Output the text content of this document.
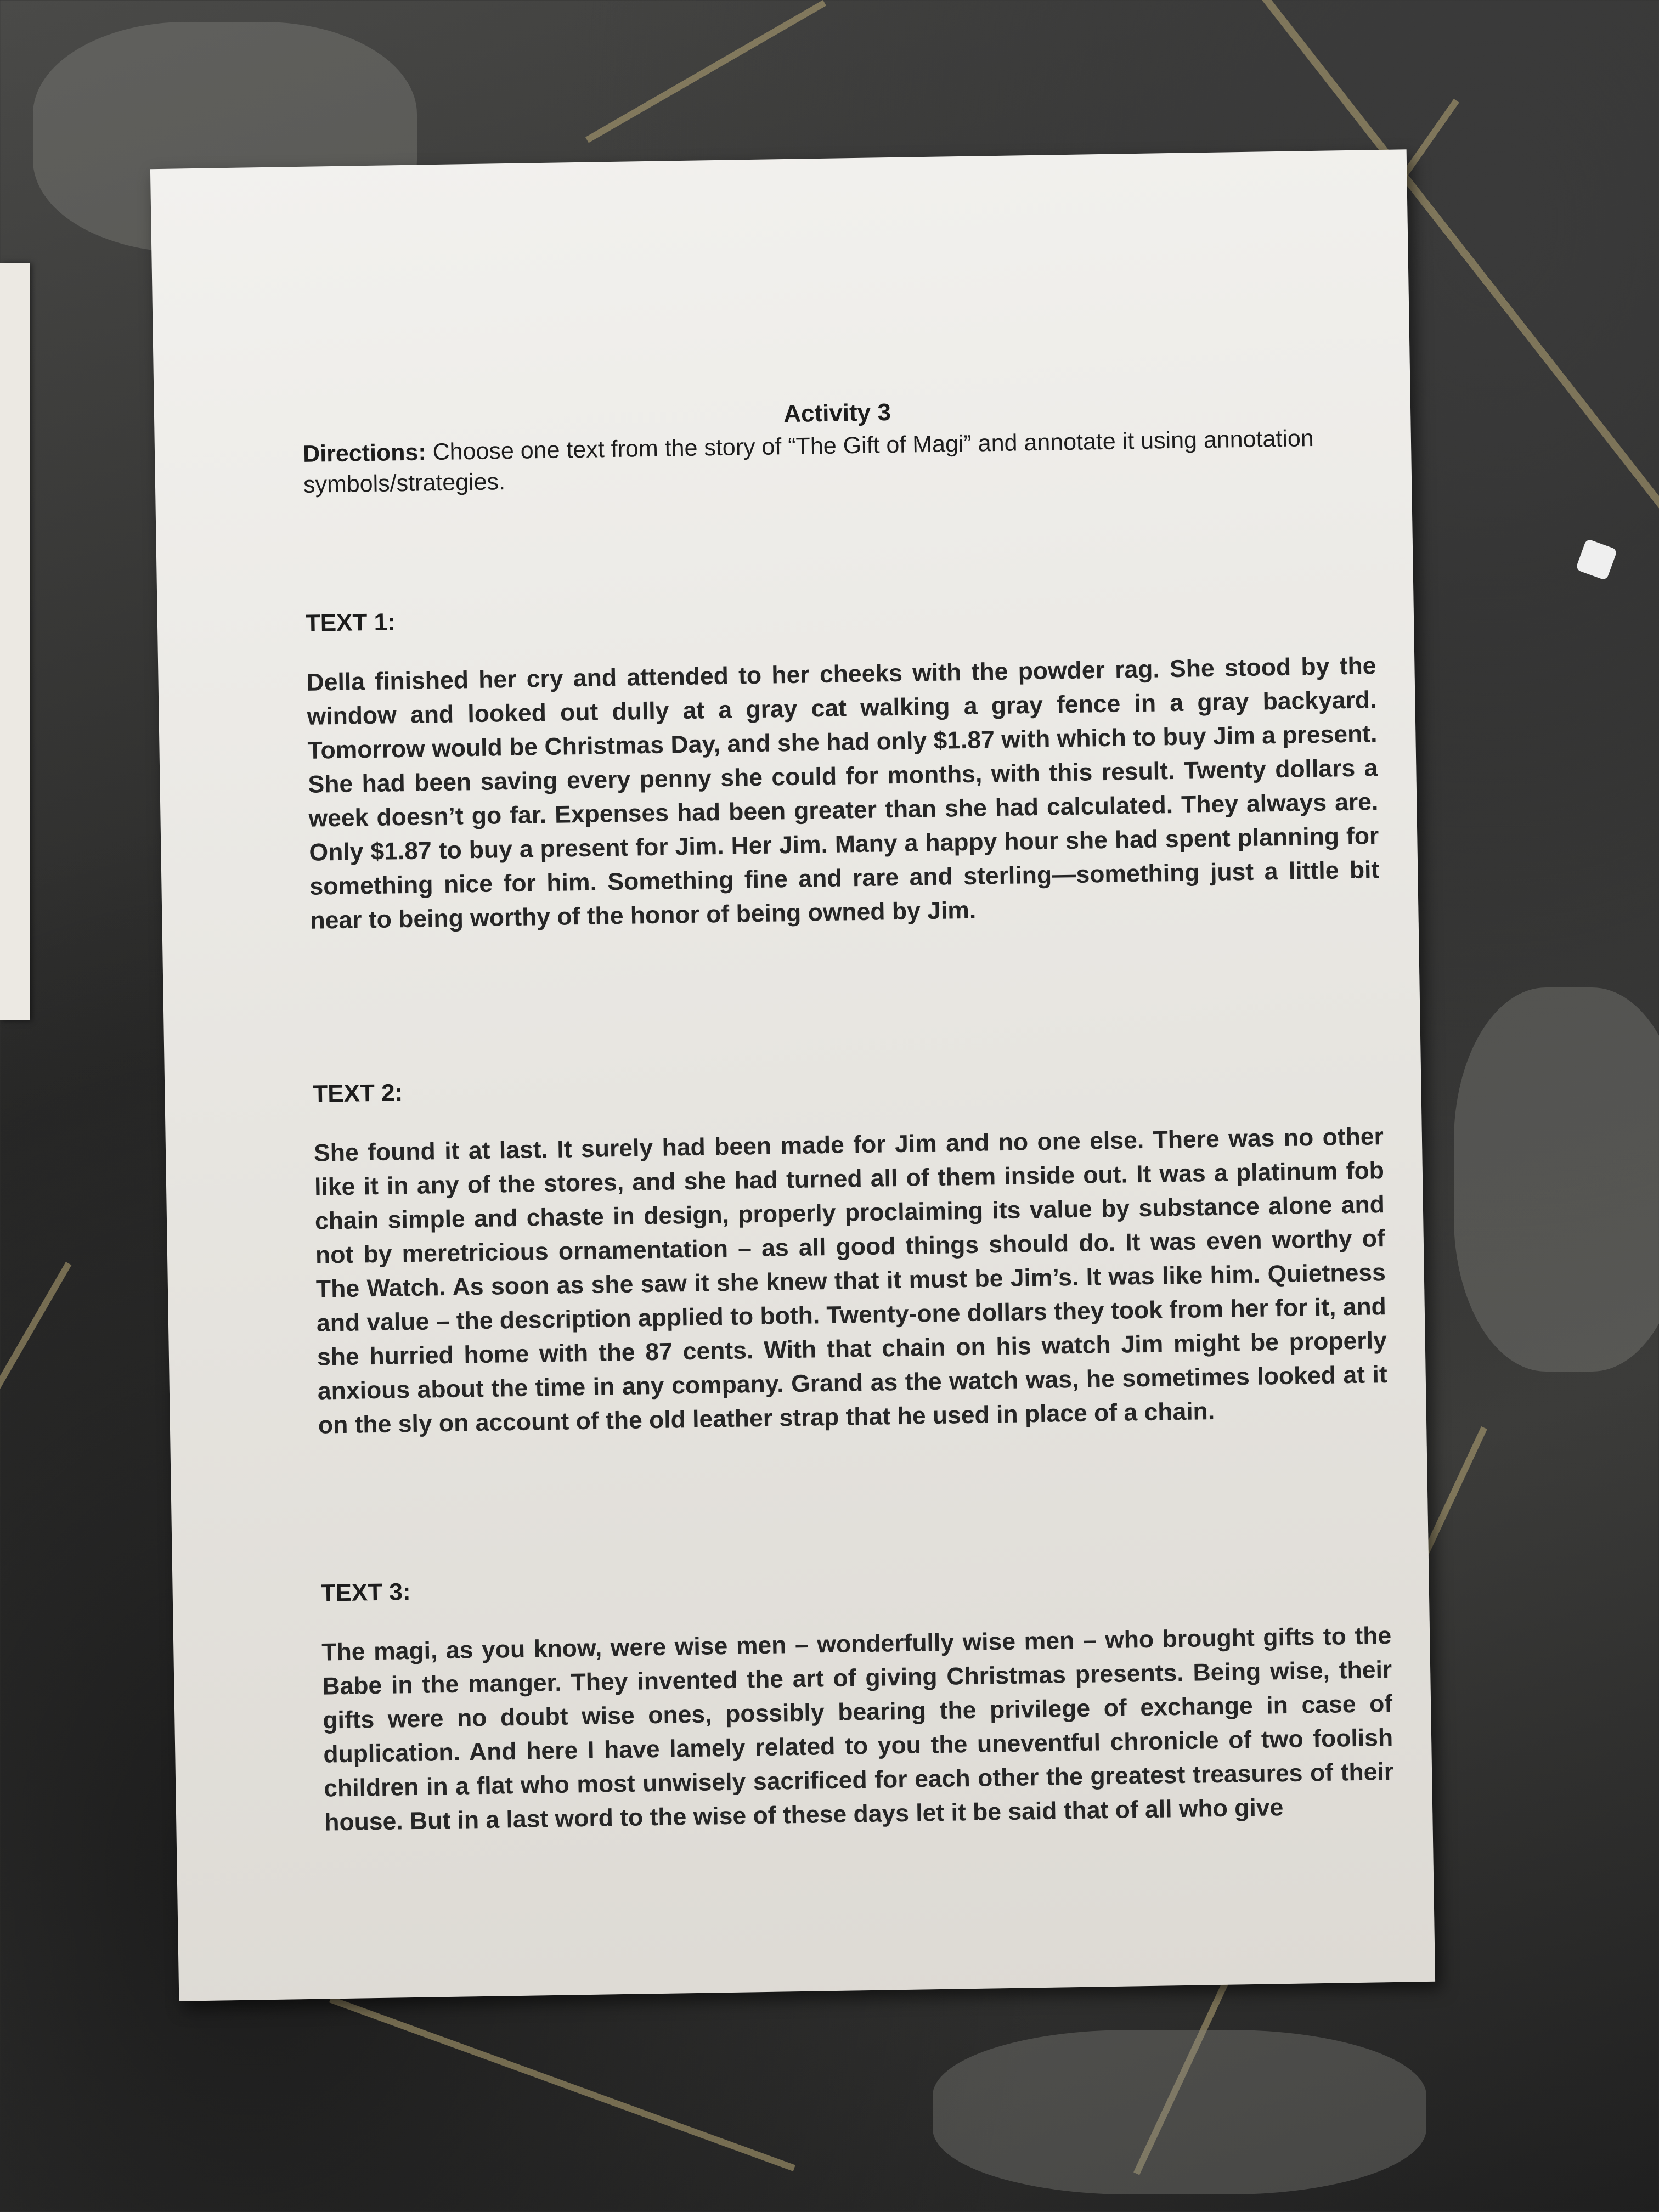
Activity 3

Directions: Choose one text from the story of “The Gift of Magi” and annotate it using annotation symbols/strategies.

TEXT 1:

Della finished her cry and attended to her cheeks with the powder rag. She stood by the window and looked out dully at a gray cat walking a gray fence in a gray backyard. Tomorrow would be Christmas Day, and she had only $1.87 with which to buy Jim a present. She had been saving every penny she could for months, with this result. Twenty dollars a week doesn’t go far. Expenses had been greater than she had calculated. They always are. Only $1.87 to buy a present for Jim. Her Jim. Many a happy hour she had spent planning for something nice for him. Something fine and rare and sterling—something just a little bit near to being worthy of the honor of being owned by Jim.

TEXT 2:

She found it at last. It surely had been made for Jim and no one else. There was no other like it in any of the stores, and she had turned all of them inside out. It was a platinum fob chain simple and chaste in design, properly proclaiming its value by substance alone and not by meretricious ornamentation – as all good things should do. It was even worthy of The Watch. As soon as she saw it she knew that it must be Jim’s. It was like him. Quietness and value – the description applied to both. Twenty-one dollars they took from her for it, and she hurried home with the 87 cents. With that chain on his watch Jim might be properly anxious about the time in any company. Grand as the watch was, he sometimes looked at it on the sly on account of the old leather strap that he used in place of a chain.

TEXT 3:

The magi, as you know, were wise men – wonderfully wise men – who brought gifts to the Babe in the manger. They invented the art of giving Christmas presents. Being wise, their gifts were no doubt wise ones, possibly bearing the privilege of exchange in case of duplication. And here I have lamely related to you the uneventful chronicle of two foolish children in a flat who most unwisely sacrificed for each other the greatest treasures of their house. But in a last word to the wise of these days let it be said that of all who give
